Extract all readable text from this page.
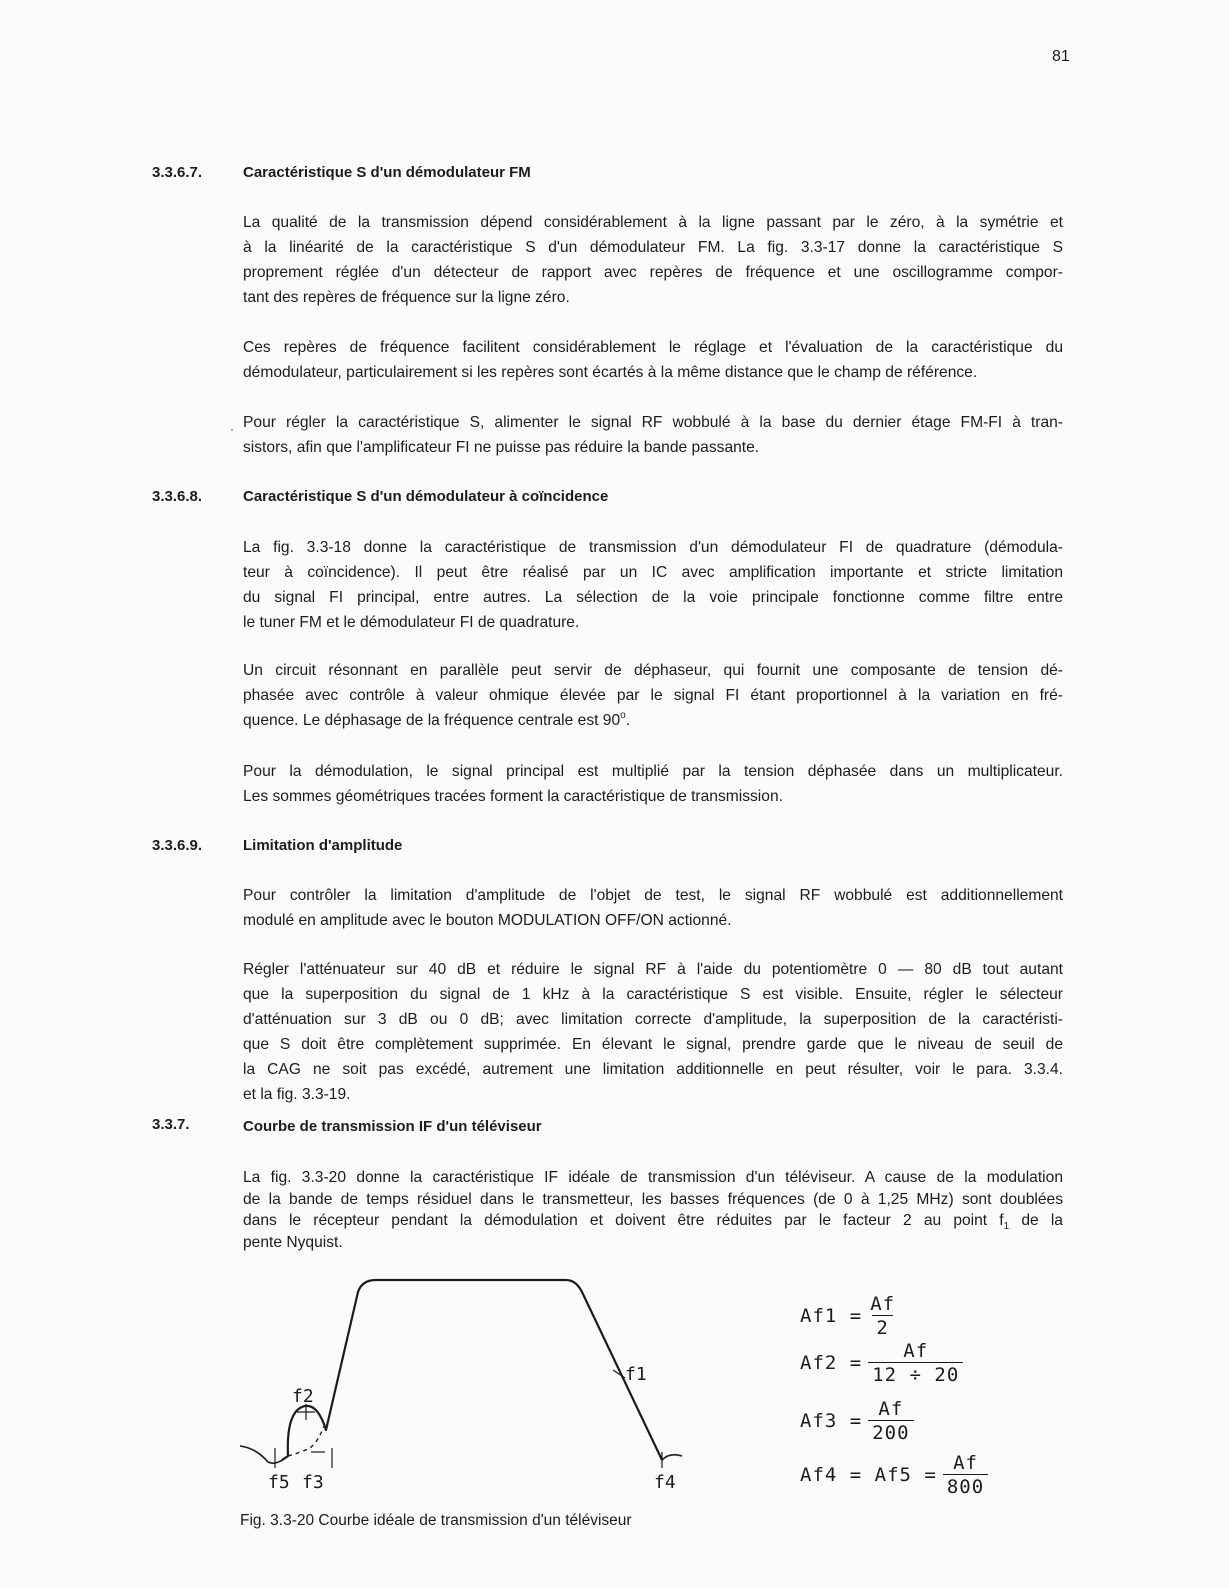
81
3.3.6.7.	Caractéristique S d'un démodulateur FM
La qualité de la transmission dépend considérablement à la ligne passant par le zéro, à la symétrie et
à la linéarité de la caractéristique S d'un démodulateur FM. La fig. 3.3-17 donne la caractéristique S
proprement réglée d'un détecteur de rapport avec repères de fréquence et une oscillogramme compor-
tant des repères de fréquence sur la ligne zéro.
Ces repères de fréquence facilitent considérablement le réglage et l'évaluation de la caractéristique du
démodulateur, particulairement si les repères sont écartés à la même distance que le champ de référence.
· Pour régler la caractéristique S, alimenter le signal RF wobbulé à la base du dernier étage FM-FI à tran-
sistors, afin que l'amplificateur FI ne puisse pas réduire la bande passante.
3.3.6.8.	Caractéristique S d'un démodulateur à coïncidence
La fig. 3.3-18 donne la caractéristique de transmission d'un démodulateur FI de quadrature (démodula-
teur à coïncidence). Il peut être réalisé par un IC avec amplification importante et stricte limitation
du signal FI principal, entre autres. La sélection de la voie principale fonctionne comme filtre entre
le tuner FM et le démodulateur FI de quadrature.
Un circuit résonnant en parallèle peut servir de déphaseur, qui fournit une composante de tension dé-
phasée avec contrôle à valeur ohmique élevée par le signal FI étant proportionnel à la variation en fré-
quence. Le déphasage de la fréquence centrale est 90$^o$.
Pour la démodulation, le signal principal est multiplié par la tension déphasée dans un multiplicateur.
Les sommes géométriques tracées forment la caractéristique de transmission.
3.3.6.9.	Limitation d'amplitude
Pour contrôler la limitation d'amplitude de l'objet de test, le signal RF wobbulé est additionnellement
modulé en amplitude avec le bouton MODULATION OFF/ON actionné.
Régler l'atténuateur sur 40 dB et réduire le signal RF à l'aide du potentiomètre 0 — 80 dB tout autant
que la superposition du signal de 1 kHz à la caractéristique S est visible. Ensuite, régler le sélecteur
d'atténuation sur 3 dB ou 0 dB; avec limitation correcte d'amplitude, la superposition de la caractéristi-
que S doit être complètement supprimée. En élevant le signal, prendre garde que le niveau de seuil de
la CAG ne soit pas excédé, autrement une limitation additionnelle en peut résulter, voir le para. 3.3.4.
et la fig. 3.3-19.
3.3.7.	Courbe de transmission IF d'un téléviseur
La fig. 3.3-20 donne la caractéristique IF idéale de transmission d'un téléviseur. A cause de la modulation
de la bande de temps résiduel dans le transmetteur, les basses fréquences (de 0 à 1,25 MHz) sont doublées
dans le récepteur pendant la démodulation et doivent être réduites par le facteur 2 au point $f_1$ de la
pente Nyquist.
f1
f2
f5 f3	f4
$Af1 = \frac{Af}{2}$
$Af2 = \frac{Af}{12 \div 20}$
$Af3 = \frac{Af}{200}$
$Af4 = Af5 = \frac{Af}{800}$
Fig. 3.3-20 Courbe idéale de transmission d'un téléviseur
